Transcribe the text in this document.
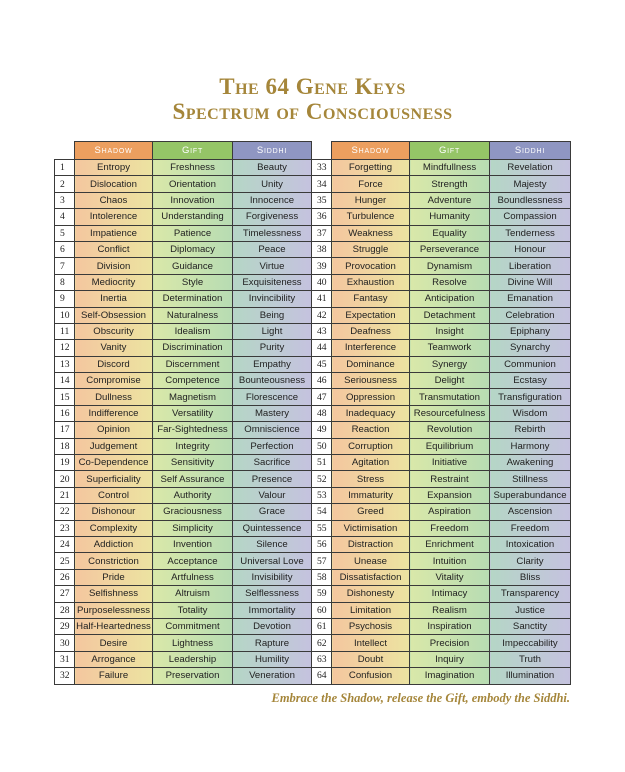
The 64 Gene Keys
Spectrum of Consciousness
	Shadow	Gift	Siddhi		Shadow	Gift	Siddhi
1	Entropy	Freshness	Beauty	33	Forgetting	Mindfullness	Revelation
2	Dislocation	Orientation	Unity	34	Force	Strength	Majesty
3	Chaos	Innovation	Innocence	35	Hunger	Adventure	Boundlessness
4	Intolerence	Understanding	Forgiveness	36	Turbulence	Humanity	Compassion
5	Impatience	Patience	Timelessness	37	Weakness	Equality	Tenderness
6	Conflict	Diplomacy	Peace	38	Struggle	Perseverance	Honour
7	Division	Guidance	Virtue	39	Provocation	Dynamism	Liberation
8	Mediocrity	Style	Exquisiteness	40	Exhaustion	Resolve	Divine Will
9	Inertia	Determination	Invincibility	41	Fantasy	Anticipation	Emanation
10	Self-Obsession	Naturalness	Being	42	Expectation	Detachment	Celebration
11	Obscurity	Idealism	Light	43	Deafness	Insight	Epiphany
12	Vanity	Discrimination	Purity	44	Interference	Teamwork	Synarchy
13	Discord	Discernment	Empathy	45	Dominance	Synergy	Communion
14	Compromise	Competence	Bounteousness	46	Seriousness	Delight	Ecstasy
15	Dullness	Magnetism	Florescence	47	Oppression	Transmutation	Transfiguration
16	Indifference	Versatility	Mastery	48	Inadequacy	Resourcefulness	Wisdom
17	Opinion	Far-Sightedness	Omniscience	49	Reaction	Revolution	Rebirth
18	Judgement	Integrity	Perfection	50	Corruption	Equilibrium	Harmony
19	Co-Dependence	Sensitivity	Sacrifice	51	Agitation	Initiative	Awakening
20	Superficiality	Self Assurance	Presence	52	Stress	Restraint	Stillness
21	Control	Authority	Valour	53	Immaturity	Expansion	Superabundance
22	Dishonour	Graciousness	Grace	54	Greed	Aspiration	Ascension
23	Complexity	Simplicity	Quintessence	55	Victimisation	Freedom	Freedom
24	Addiction	Invention	Silence	56	Distraction	Enrichment	Intoxication
25	Constriction	Acceptance	Universal Love	57	Unease	Intuition	Clarity
26	Pride	Artfulness	Invisibility	58	Dissatisfaction	Vitality	Bliss
27	Selfishness	Altruism	Selflessness	59	Dishonesty	Intimacy	Transparency
28	Purposelessness	Totality	Immortality	60	Limitation	Realism	Justice
29	Half-Heartedness	Commitment	Devotion	61	Psychosis	Inspiration	Sanctity
30	Desire	Lightness	Rapture	62	Intellect	Precision	Impeccability
31	Arrogance	Leadership	Humility	63	Doubt	Inquiry	Truth
32	Failure	Preservation	Veneration	64	Confusion	Imagination	Illumination

Embrace the Shadow, release the Gift, embody the Siddhi.
